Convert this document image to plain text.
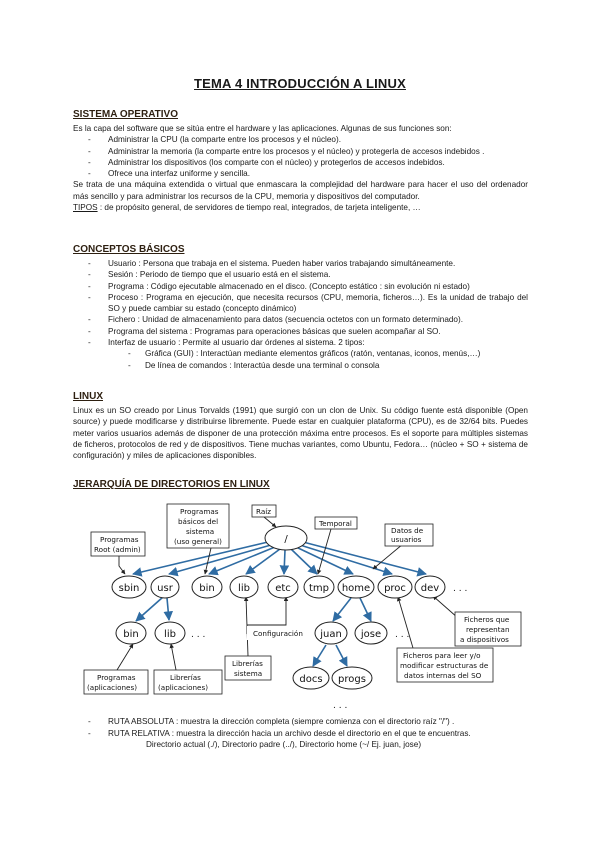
TEMA 4 INTRODUCCIÓN A LINUX
SISTEMA OPERATIVO

Es la capa del software que se sitúa entre el hardware y las aplicaciones. Algunas de sus funciones son:

- Administrar la CPU (la comparte entre los procesos y el núcleo).
- Administrar la memoria (la comparte entre los procesos y el núcleo) y protegerla de accesos indebidos .
- Administrar los dispositivos (los comparte con el núcleo) y protegerlos de accesos indebidos.
- Ofrece una interfaz uniforme y sencilla.

Se trata de una máquina extendida o virtual que enmascara la complejidad del hardware para hacer el uso del ordenador más sencillo y para administrar los recursos de la CPU, memoria y dispositivos del computador.

TIPOS : de propósito general, de servidores de tiempo real, integrados, de tarjeta inteligente, …

CONCEPTOS BÁSICOS
- Usuario : Persona que trabaja en el sistema. Pueden haber varios trabajando simultáneamente.
- Sesión : Periodo de tiempo que el usuario está en el sistema.
- Programa : Código ejecutable almacenado en el disco. (Concepto estático : sin evolución ni estado)
- Proceso : Programa en ejecución, que necesita recursos (CPU, memoria, ficheros…). Es la unidad de trabajo del SO y puede cambiar su estado (concepto dinámico)
- Fichero : Unidad de almacenamiento para datos (secuencia octetos con un formato determinado).
- Programa del sistema : Programas para operaciones básicas que suelen acompañar al SO.
- Interfaz de usuario : Permite al usuario dar órdenes al sistema. 2 tipos:
- Gráfica (GUI) : Interactúan mediante elementos gráficos (ratón, ventanas, iconos, menús,…)
- De línea de comandos : Interactúa desde una terminal o consola
LINUX

Linux es un SO creado por Linus Torvalds (1991) que surgió con un clon de Unix. Su código fuente está disponible (Open source) y puede modificarse y distribuirse libremente. Puede estar en cualquier plataforma (CPU), es de 32/64 bits. Puedes meter varios usuarios además de disponer de una protección máxima entre procesos. Es el soporte para múltiples sistemas de ficheros, protocolos de red y de dispositivos. Tiene muchas variantes, como Ubuntu, Fedora… (núcleo + SO + sistema de configuración) y miles de aplicaciones disponibles.

JERARQUÍA DE DIRECTORIOS EN LINUX
/
sbin usr	bin lib	etc tmp home proc dev
bin	lib	juan jose
docs progs
. . .	. . .
. . .
. . .
Raíz
Temporal
Datos de
usuarios
Programas
Root (admin)
Programas
básicos del
sistema
(uso general)
Configuración
Librerías
sistema
Programas
(aplicaciones)
Librerías
(aplicaciones)
Ficheros que
representan
a dispositivos
Ficheros para leer y/o
modificar estructuras de
datos internas del SO
- RUTA ABSOLUTA : muestra la dirección completa (siempre comienza con el directorio raíz "/") .
- RUTA RELATIVA : muestra la dirección hacia un archivo desde el directorio en el que te encuentras.
Directorio actual (./), Directorio padre (../), Directorio home (~/ Ej. juan, jose)
